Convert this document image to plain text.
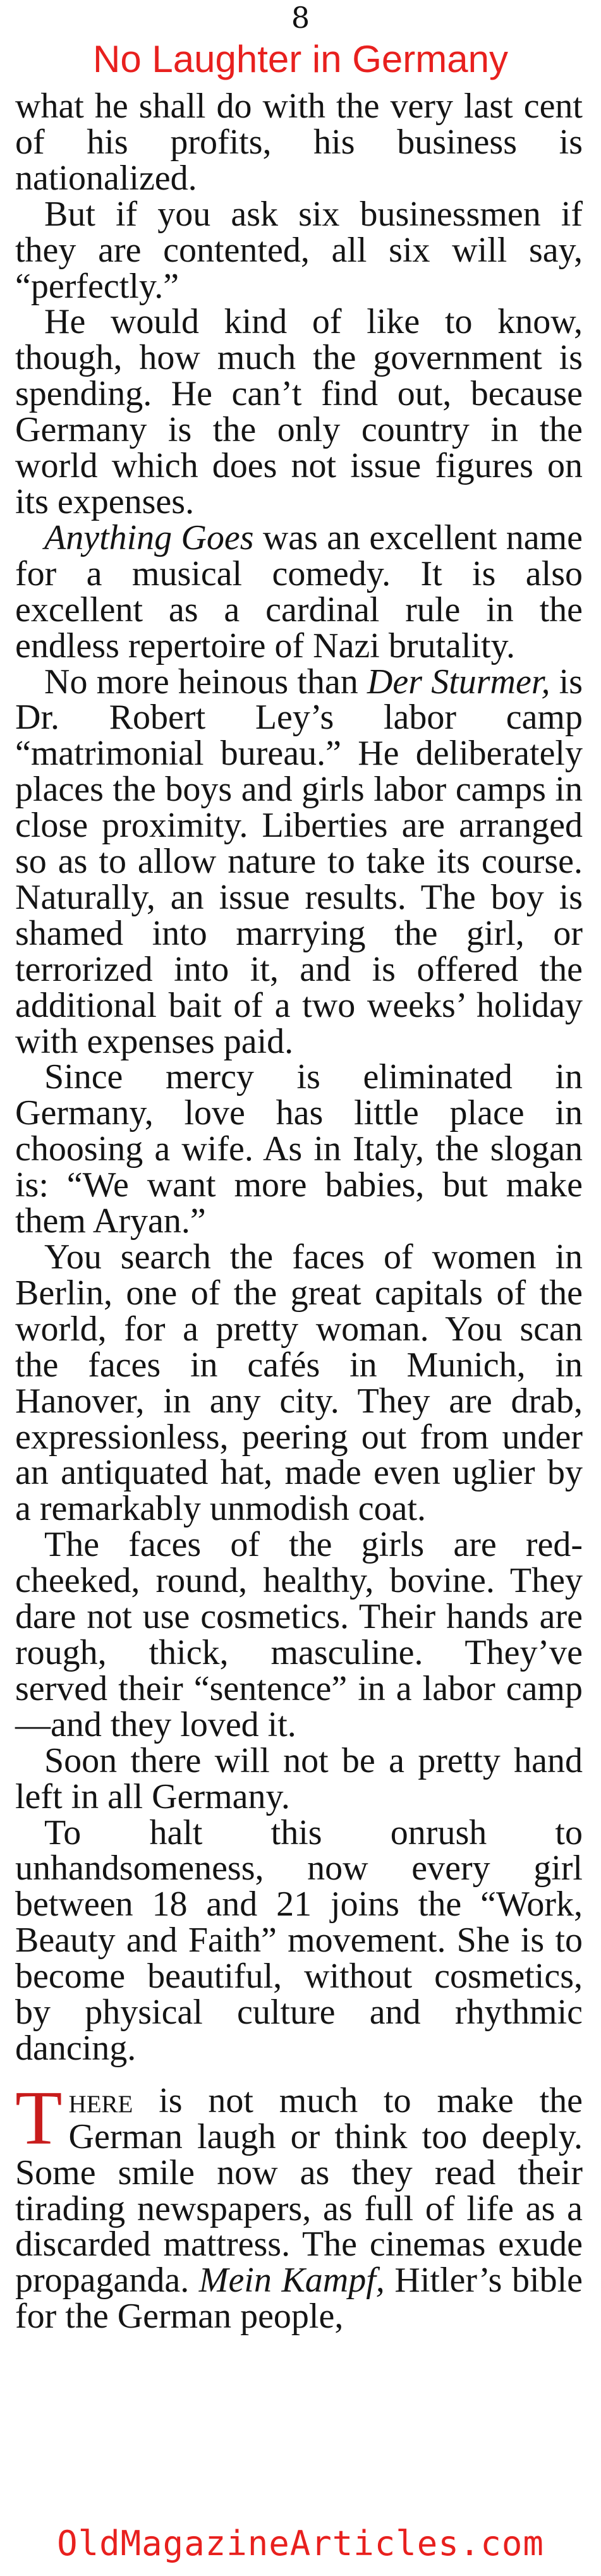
8
No Laughter in Germany

what he shall do with the very last cent of his profits, his business is nationalized.

But if you ask six businessmen if they are contented, all six will say, “perfectly.”

He would kind of like to know, though, how much the government is spending. He can’t find out, because Germany is the only country in the world which does not issue figures on its expenses.

Anything Goes was an excellent name for a musical comedy. It is also excellent as a cardinal rule in the endless repertoire of Nazi brutality.

No more heinous than Der Sturmer, is Dr. Robert Ley’s labor camp “matrimonial bureau.” He deliberately places the boys and girls labor camps in close proximity. Liberties are arranged so as to allow nature to take its course. Naturally, an issue results. The boy is shamed into marrying the girl, or terrorized into it, and is offered the additional bait of a two weeks’ holiday with expenses paid.

Since mercy is eliminated in Germany, love has little place in choosing a wife. As in Italy, the slogan is: “We want more babies, but make them Aryan.”

You search the faces of women in Berlin, one of the great capitals of the world, for a pretty woman. You scan the faces in cafés in Munich, in Hanover, in any city. They are drab, expressionless, peering out from under an antiquated hat, made even uglier by a remarkably unmodish coat.

The faces of the girls are red-cheeked, round, healthy, bovine. They dare not use cosmetics. Their hands are rough, thick, masculine. They’ve served their “sentence” in a labor camp—and they loved it.

Soon there will not be a pretty hand left in all Germany.

To halt this onrush to unhandsomeness, now every girl between 18 and 21 joins the “Work, Beauty and Faith” movement. She is to become beautiful, without cosmetics, by physical culture and rhythmic dancing.

There is not much to make the German laugh or think too deeply. Some smile now as they read their tirading newspapers, as full of life as a discarded mattress. The cinemas exude propaganda. Mein Kampf, Hitler’s bible for the German people,

OldMagazineArticles.com
